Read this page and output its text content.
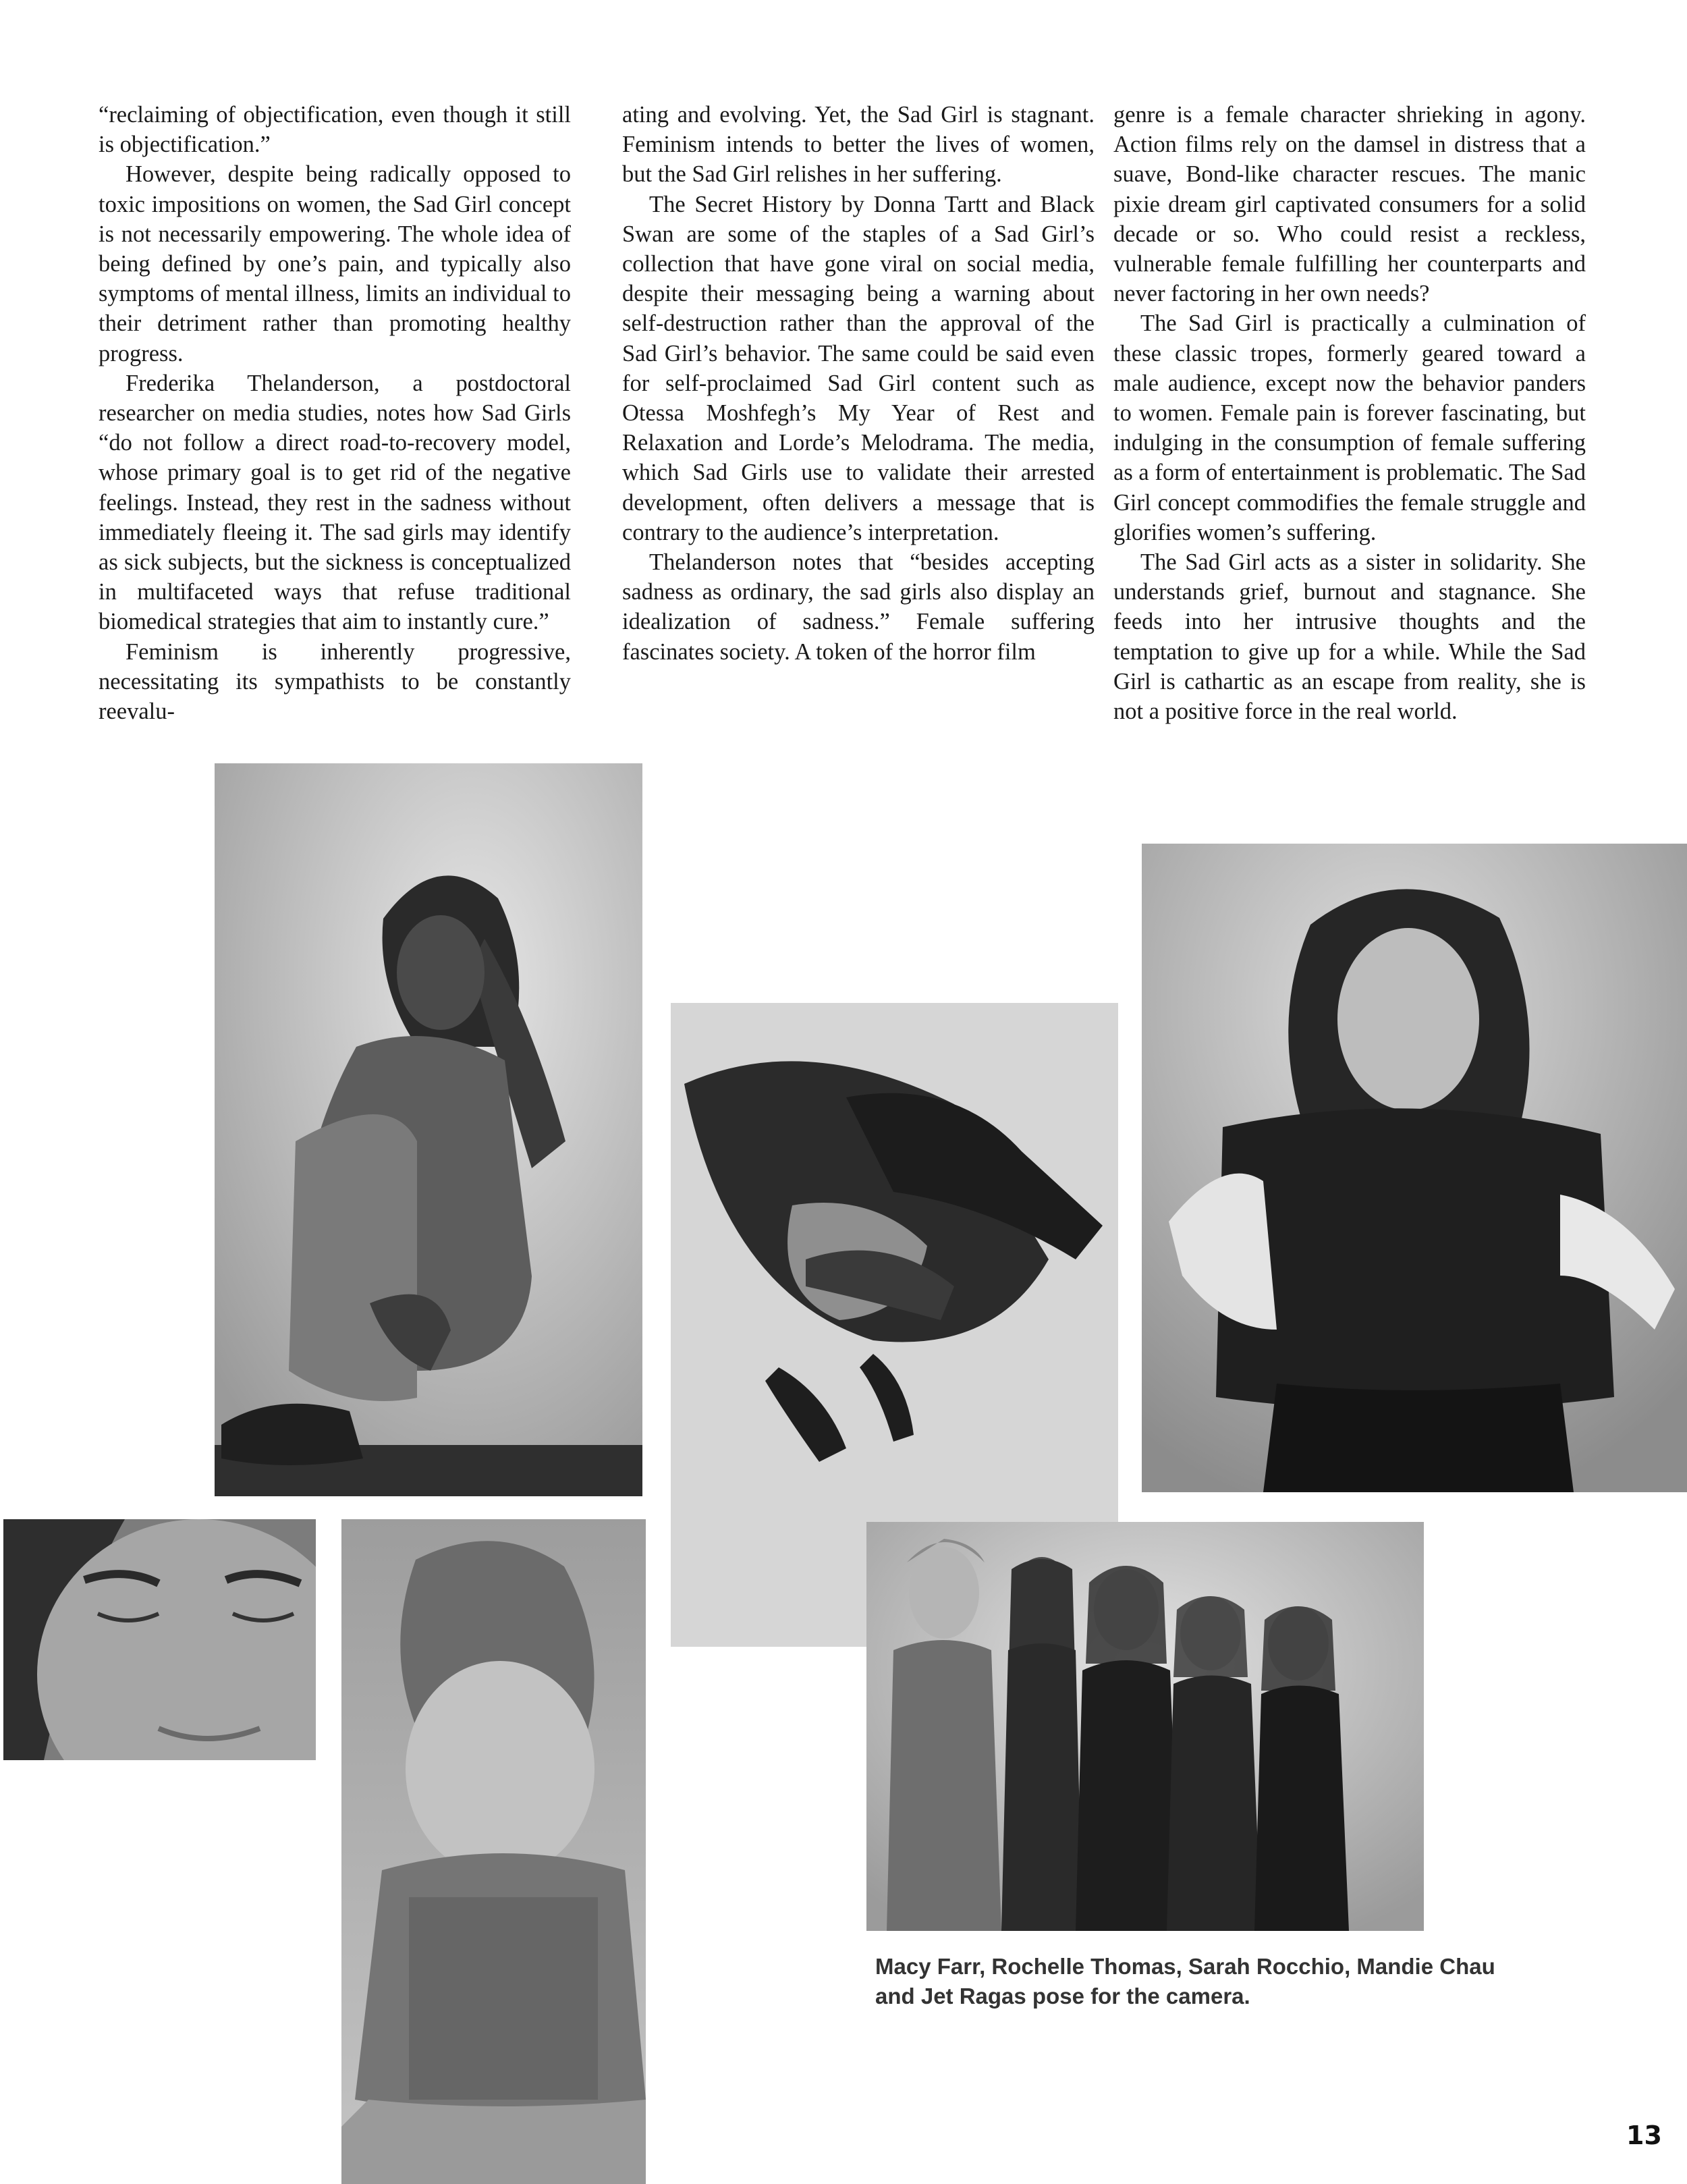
“reclaiming of objectification, even though it still is objectification.”

However, despite being radically opposed to toxic impositions on women, the Sad Girl concept is not necessarily empowering. The whole idea of being defined by one’s pain, and typically also symptoms of mental illness, limits an individual to their detriment rather than promoting healthy progress.

Frederika Thelanderson, a postdoctoral researcher on media studies, notes how Sad Girls “do not follow a direct road-to-recovery model, whose primary goal is to get rid of the negative feelings. Instead, they rest in the sadness without immediately fleeing it. The sad girls may identify as sick subjects, but the sickness is conceptualized in multifaceted ways that refuse traditional biomedical strategies that aim to instantly cure.”

Feminism is inherently progressive, necessitating its sympathists to be constantly reevalu-

ating and evolving. Yet, the Sad Girl is stagnant. Feminism intends to better the lives of women, but the Sad Girl relishes in her suffering.

The Secret History by Donna Tartt and Black Swan are some of the staples of a Sad Girl’s collection that have gone viral on social media, despite their messaging being a warning about self-destruction rather than the approval of the Sad Girl’s behavior. The same could be said even for self-proclaimed Sad Girl content such as Otessa Moshfegh’s My Year of Rest and Relaxation and Lorde’s Melodrama. The media, which Sad Girls use to validate their arrested development, often delivers a message that is contrary to the audience’s interpretation.

Thelanderson notes that “besides accepting sadness as ordinary, the sad girls also display an idealization of sadness.” Female suffering fascinates society. A token of the horror film

genre is a female character shrieking in agony. Action films rely on the damsel in distress that a suave, Bond-like character rescues. The manic pixie dream girl captivated consumers for a solid decade or so. Who could resist a reckless, vulnerable female fulfilling her counterparts and never factoring in her own needs?

The Sad Girl is practically a culmination of these classic tropes, formerly geared toward a male audience, except now the behavior panders to women. Female pain is forever fascinating, but indulging in the consumption of female suffering as a form of entertainment is problematic. The Sad Girl concept commodifies the female struggle and glorifies women’s suffering.

The Sad Girl acts as a sister in solidarity. She understands grief, burnout and stagnance. She feeds into her intrusive thoughts and the temptation to give up for a while. While the Sad Girl is cathartic as an escape from reality, she is not a positive force in the real world.

Macy Farr, Rochelle Thomas, Sarah Rocchio, Mandie Chau and Jet Ragas pose for the camera.
13
